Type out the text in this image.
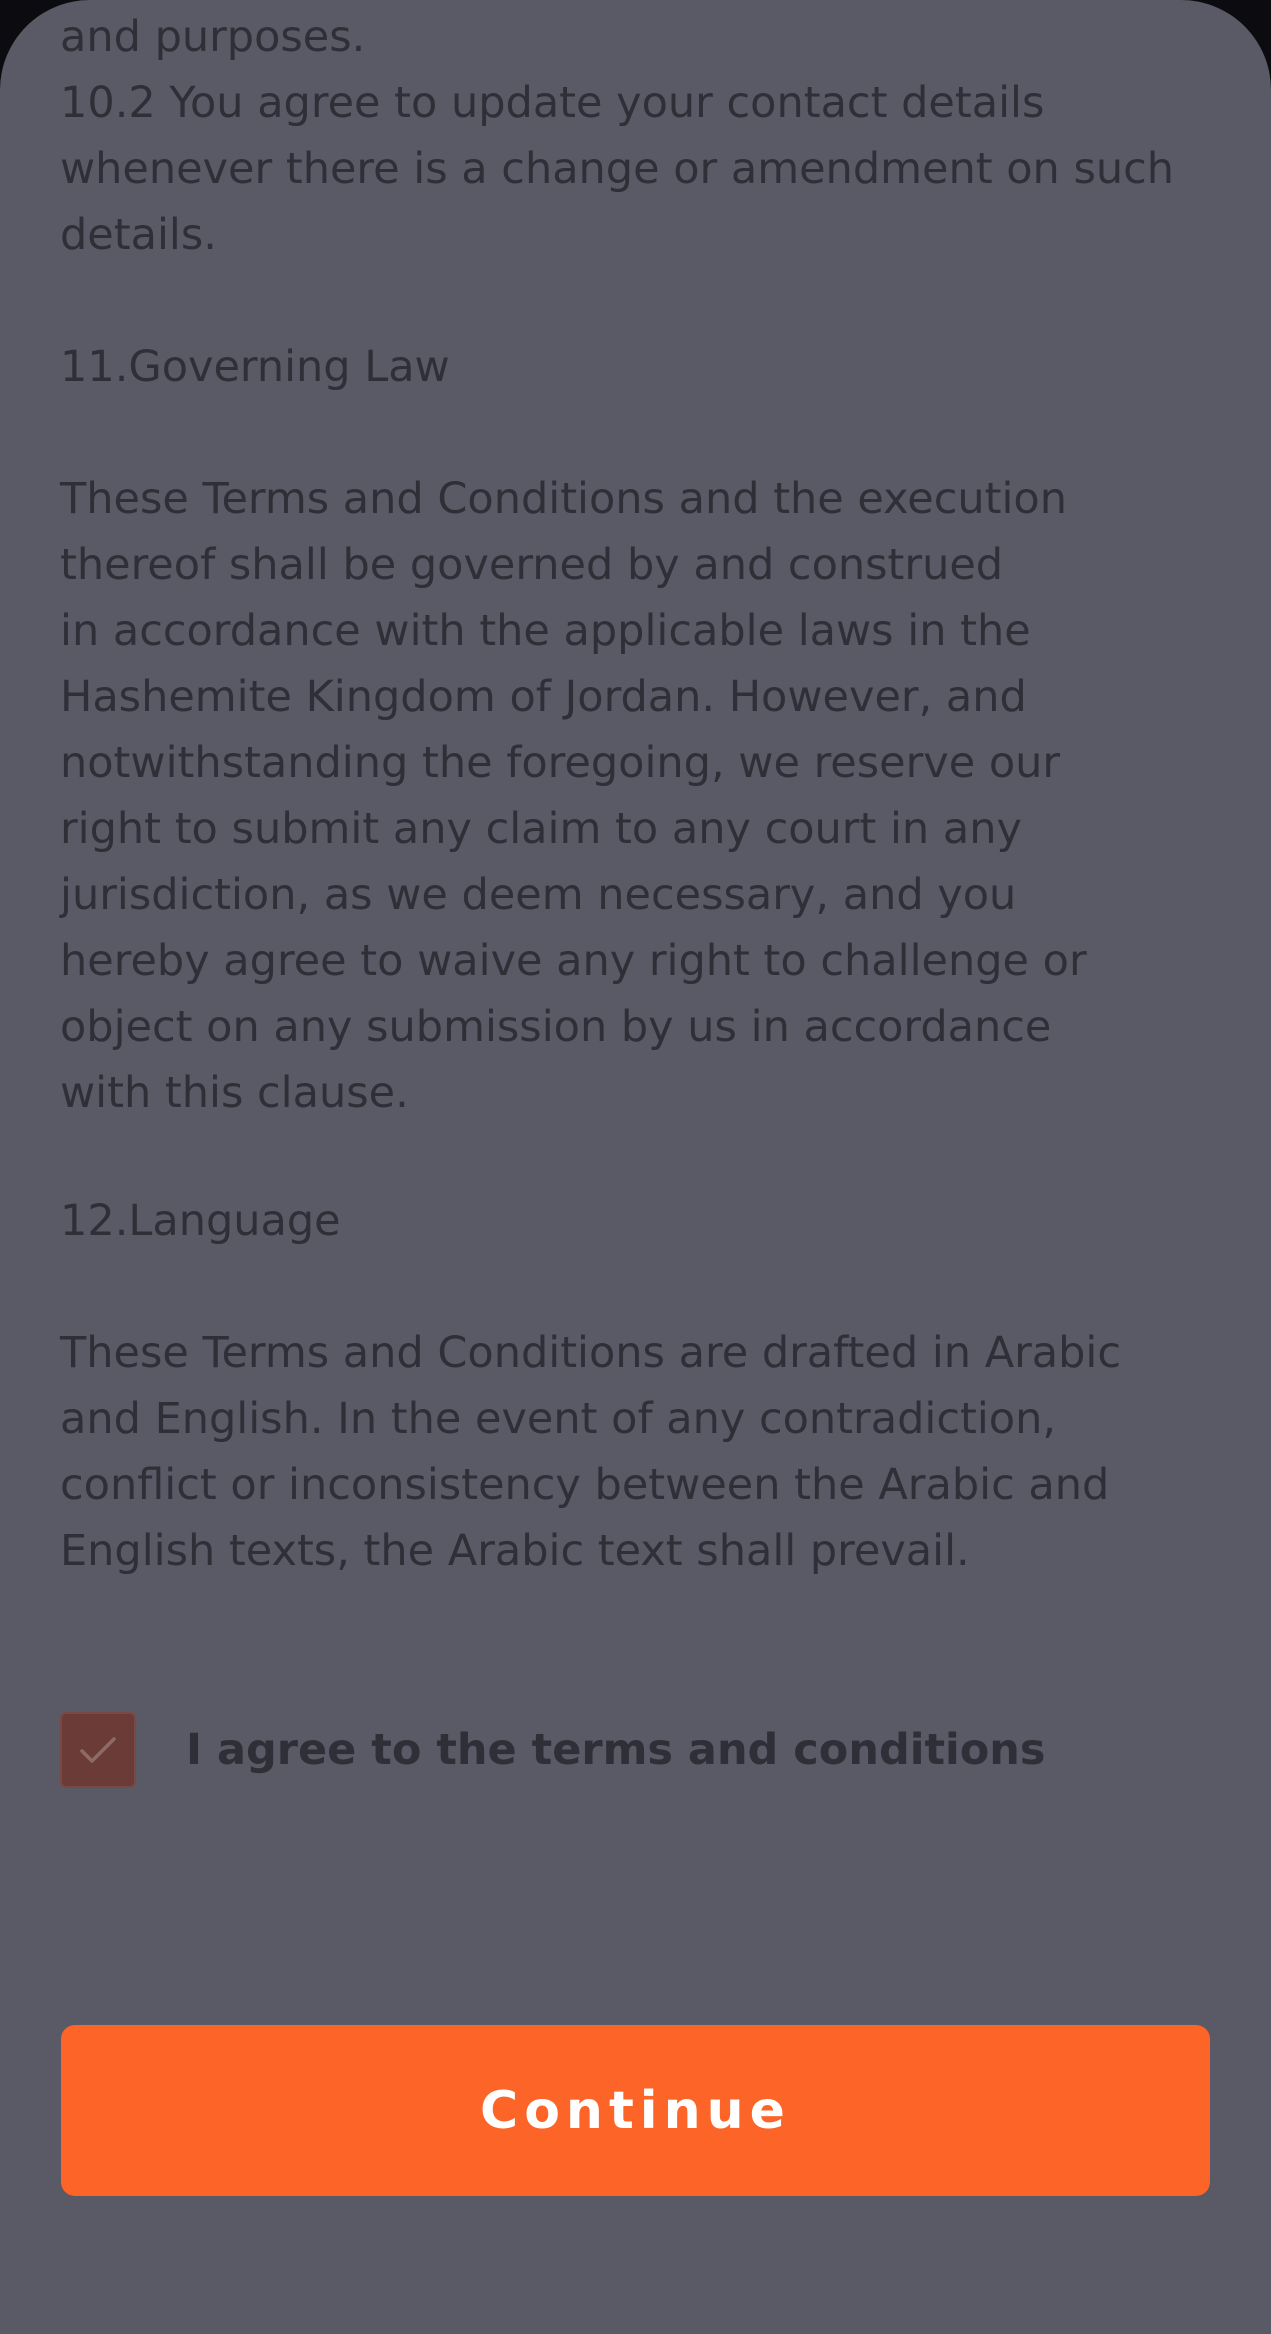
and purposes.
10.2 You agree to update your contact details
whenever there is a change or amendment on such
details.
11.Governing Law
These Terms and Conditions and the execution
thereof shall be governed by and construed
in accordance with the applicable laws in the
Hashemite Kingdom of Jordan. However, and
notwithstanding the foregoing, we reserve our
right to submit any claim to any court in any
jurisdiction, as we deem necessary, and you
hereby agree to waive any right to challenge or
object on any submission by us in accordance
with this clause.
12.Language
These Terms and Conditions are drafted in Arabic
and English. In the event of any contradiction,
conflict or inconsistency between the Arabic and
English texts, the Arabic text shall prevail.
I agree to the terms and conditions
Continue
